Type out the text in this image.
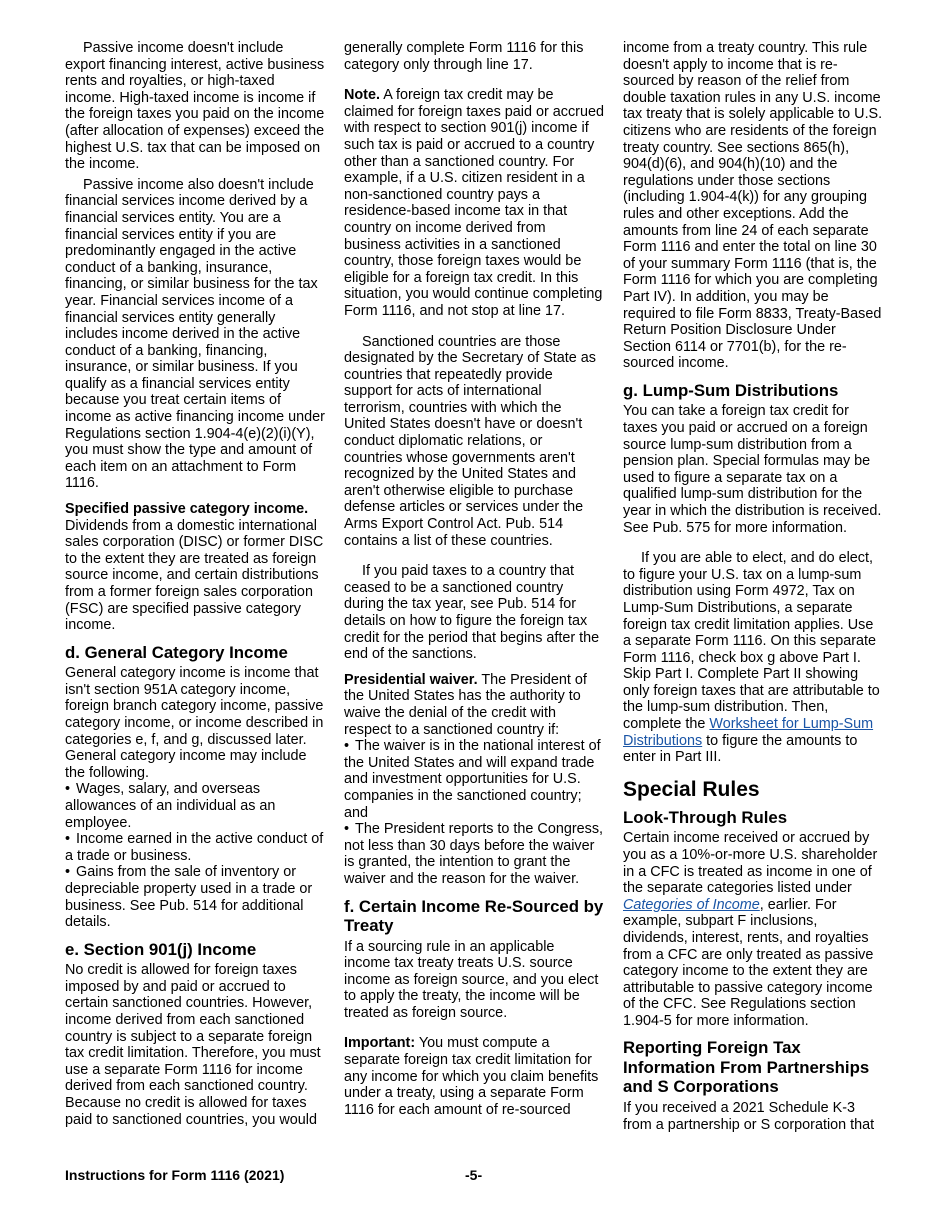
Passive income doesn't include export financing interest, active business rents and royalties, or high-taxed income. High-taxed income is income if the foreign taxes you paid on the income (after allocation of expenses) exceed the highest U.S. tax that can be imposed on the income.

Passive income also doesn't include financial services income derived by a financial services entity. You are a financial services entity if you are predominantly engaged in the active conduct of a banking, insurance, financing, or similar business for the tax year. Financial services income of a financial services entity generally includes income derived in the active conduct of a banking, financing, insurance, or similar business. If you qualify as a financial services entity because you treat certain items of income as active financing income under Regulations section 1.904-4(e)(2)(i)(Y), you must show the type and amount of each item on an attachment to Form 1116.

Specified passive category income. Dividends from a domestic international sales corporation (DISC) or former DISC to the extent they are treated as foreign source income, and certain distributions from a former foreign sales corporation (FSC) are specified passive category income.

d. General Category Income

General category income is income that isn't section 951A category income, foreign branch category income, passive category income, or income described in categories e, f, and g, discussed later. General category income may include the following.

• Wages, salary, and overseas allowances of an individual as an employee.

• Income earned in the active conduct of a trade or business.

• Gains from the sale of inventory or depreciable property used in a trade or business. See Pub. 514 for additional details.

e. Section 901(j) Income

No credit is allowed for foreign taxes imposed by and paid or accrued to certain sanctioned countries. However, income derived from each sanctioned country is subject to a separate foreign tax credit limitation. Therefore, you must use a separate Form 1116 for income derived from each sanctioned country. Because no credit is allowed for taxes paid to sanctioned countries, you would

generally complete Form 1116 for this category only through line 17.

Note. A foreign tax credit may be claimed for foreign taxes paid or accrued with respect to section 901(j) income if such tax is paid or accrued to a country other than a sanctioned country. For example, if a U.S. citizen resident in a non-sanctioned country pays a residence-based income tax in that country on income derived from business activities in a sanctioned country, those foreign taxes would be eligible for a foreign tax credit. In this situation, you would continue completing Form 1116, and not stop at line 17.

Sanctioned countries are those designated by the Secretary of State as countries that repeatedly provide support for acts of international terrorism, countries with which the United States doesn't have or doesn't conduct diplomatic relations, or countries whose governments aren't recognized by the United States and aren't otherwise eligible to purchase defense articles or services under the Arms Export Control Act. Pub. 514 contains a list of these countries.

If you paid taxes to a country that ceased to be a sanctioned country during the tax year, see Pub. 514 for details on how to figure the foreign tax credit for the period that begins after the end of the sanctions.

Presidential waiver. The President of the United States has the authority to waive the denial of the credit with respect to a sanctioned country if:

• The waiver is in the national interest of the United States and will expand trade and investment opportunities for U.S. companies in the sanctioned country; and

• The President reports to the Congress, not less than 30 days before the waiver is granted, the intention to grant the waiver and the reason for the waiver.

f. Certain Income Re-Sourced by Treaty

If a sourcing rule in an applicable income tax treaty treats U.S. source income as foreign source, and you elect to apply the treaty, the income will be treated as foreign source.

Important: You must compute a separate foreign tax credit limitation for any income for which you claim benefits under a treaty, using a separate Form 1116 for each amount of re-sourced

income from a treaty country. This rule doesn't apply to income that is re-sourced by reason of the relief from double taxation rules in any U.S. income tax treaty that is solely applicable to U.S. citizens who are residents of the foreign treaty country. See sections 865(h), 904(d)(6), and 904(h)(10) and the regulations under those sections (including 1.904-4(k)) for any grouping rules and other exceptions. Add the amounts from line 24 of each separate Form 1116 and enter the total on line 30 of your summary Form 1116 (that is, the Form 1116 for which you are completing Part IV). In addition, you may be required to file Form 8833, Treaty-Based Return Position Disclosure Under Section 6114 or 7701(b), for the re-sourced income.

g. Lump-Sum Distributions

You can take a foreign tax credit for taxes you paid or accrued on a foreign source lump-sum distribution from a pension plan. Special formulas may be used to figure a separate tax on a qualified lump-sum distribution for the year in which the distribution is received. See Pub. 575 for more information.

If you are able to elect, and do elect, to figure your U.S. tax on a lump-sum distribution using Form 4972, Tax on Lump-Sum Distributions, a separate foreign tax credit limitation applies. Use a separate Form 1116. On this separate Form 1116, check box g above Part I. Skip Part I. Complete Part II showing only foreign taxes that are attributable to the lump-sum distribution. Then, complete the Worksheet for Lump-Sum Distributions to figure the amounts to enter in Part III.

Special Rules
Look-Through Rules

Certain income received or accrued by you as a 10%-or-more U.S. shareholder in a CFC is treated as income in one of the separate categories listed under Categories of Income, earlier. For example, subpart F inclusions, dividends, interest, rents, and royalties from a CFC are only treated as passive category income to the extent they are attributable to passive category income of the CFC. See Regulations section 1.904-5 for more information.

Reporting Foreign Tax Information From Partnerships and S Corporations

If you received a 2021 Schedule K-3 from a partnership or S corporation that

Instructions for Form 1116 (2021)	-5-
